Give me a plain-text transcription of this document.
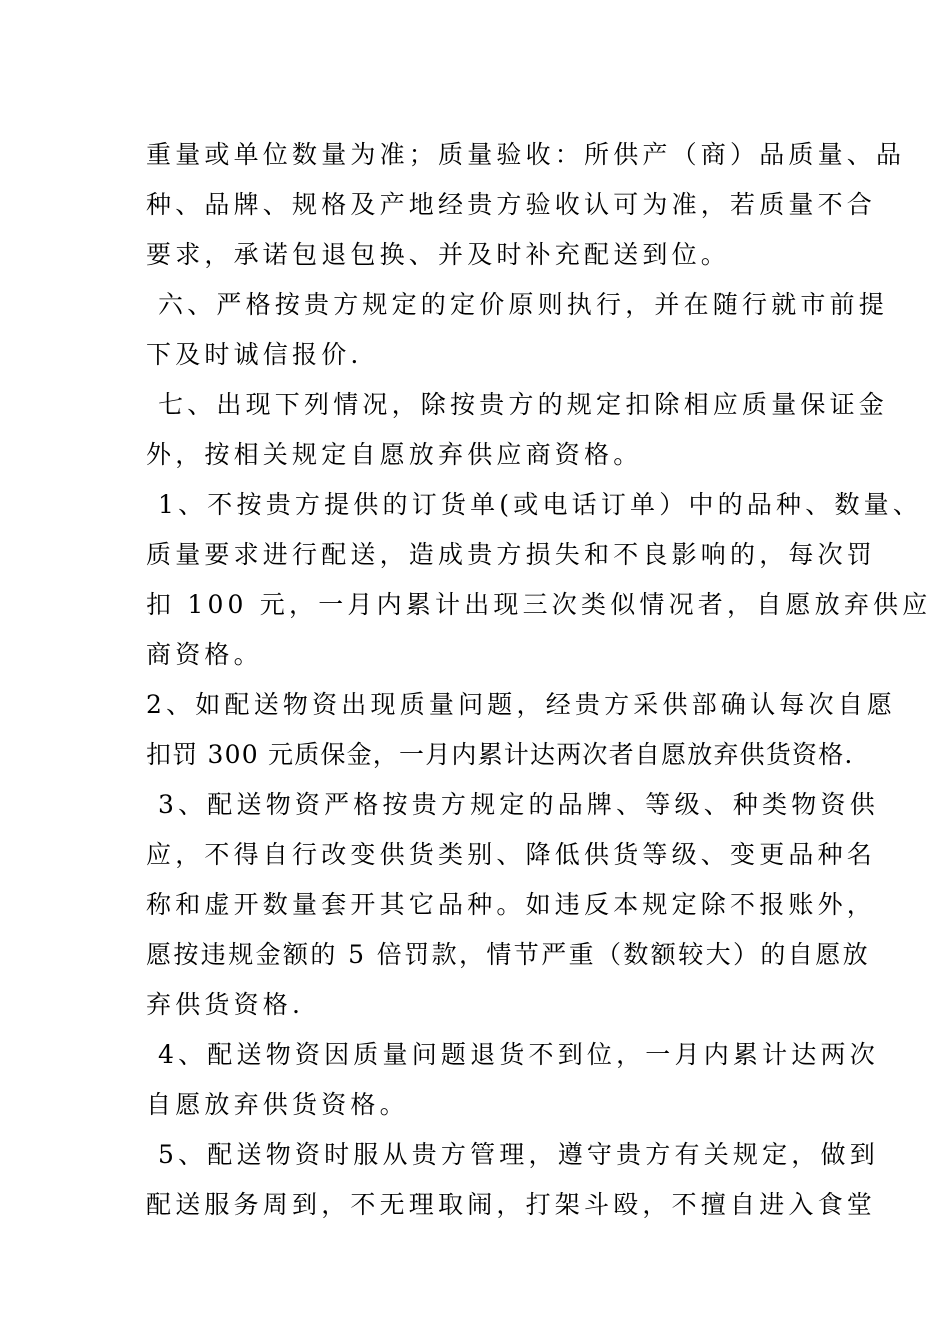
重量或单位数量为准；质量验收：所供产（商）品质量、品
种、品牌、规格及产地经贵方验收认可为准，若质量不合
要求，承诺包退包换、并及时补充配送到位。
六、严格按贵方规定的定价原则执行，并在随行就市前提
下及时诚信报价.
七、出现下列情况，除按贵方的规定扣除相应质量保证金
外，按相关规定自愿放弃供应商资格。
1、不按贵方提供的订货单(或电话订单）中的品种、数量、
质量要求进行配送，造成贵方损失和不良影响的，每次罚
扣 100 元，一月内累计出现三次类似情况者，自愿放弃供应
商资格。
2、如配送物资出现质量问题，经贵方采供部确认每次自愿
扣罚 300 元质保金，一月内累计达两次者自愿放弃供货资格.
3、配送物资严格按贵方规定的品牌、等级、种类物资供
应，不得自行改变供货类别、降低供货等级、变更品种名
称和虚开数量套开其它品种。如违反本规定除不报账外，
愿按违规金额的 5 倍罚款，情节严重（数额较大）的自愿放
弃供货资格.
4、配送物资因质量问题退货不到位，一月内累计达两次
自愿放弃供货资格。
5、配送物资时服从贵方管理，遵守贵方有关规定，做到
配送服务周到，不无理取闹，打架斗殴，不擅自进入食堂
